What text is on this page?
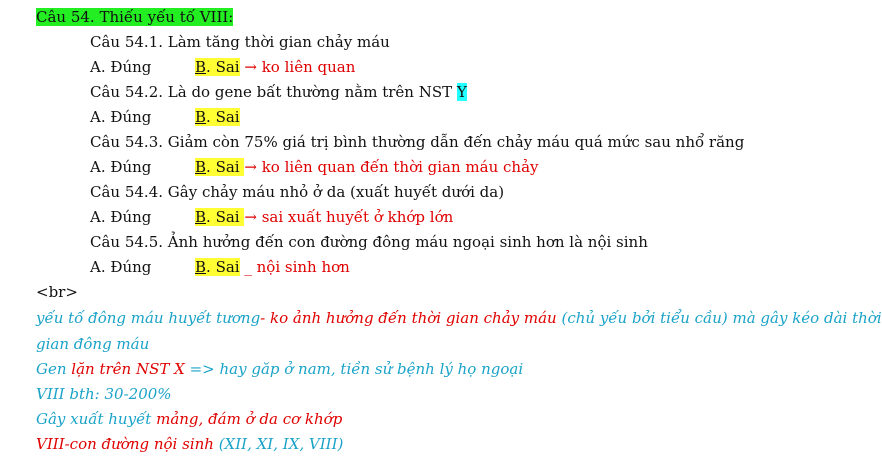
Câu 54. Thiếu yếu tố VIII:
Câu 54.1. Làm tăng thời gian chảy máu
A. Đúng	B. Sai → ko liên quan
Câu 54.2. Là do gene bất thường nằm trên NST Y
A. Đúng	B. Sai
Câu 54.3. Giảm còn 75% giá trị bình thường dẫn đến chảy máu quá mức sau nhổ răng
A. Đúng	B. Sai → ko liên quan đến thời gian máu chảy
Câu 54.4. Gây chảy máu nhỏ ở da (xuất huyết dưới da)
A. Đúng	B. Sai → sai xuất huyết ở khớp lớn
Câu 54.5. Ảnh hưởng đến con đường đông máu ngoại sinh hơn là nội sinh
A. Đúng	B. Sai _ nội sinh hơn
<br>
yếu tố đông máu huyết tương- ko ảnh hưởng đến thời gian chảy máu (chủ yếu bởi tiểu cầu) mà gây kéo dài thời
gian đông máu
Gen lặn trên NST X => hay găp ở nam, tiền sử bệnh lý họ ngoại
VIII bth: 30-200%
Gây xuất huyết mảng, đám ở da cơ khớp
VIII-con đường nội sinh (XII, XI, IX, VIII)
